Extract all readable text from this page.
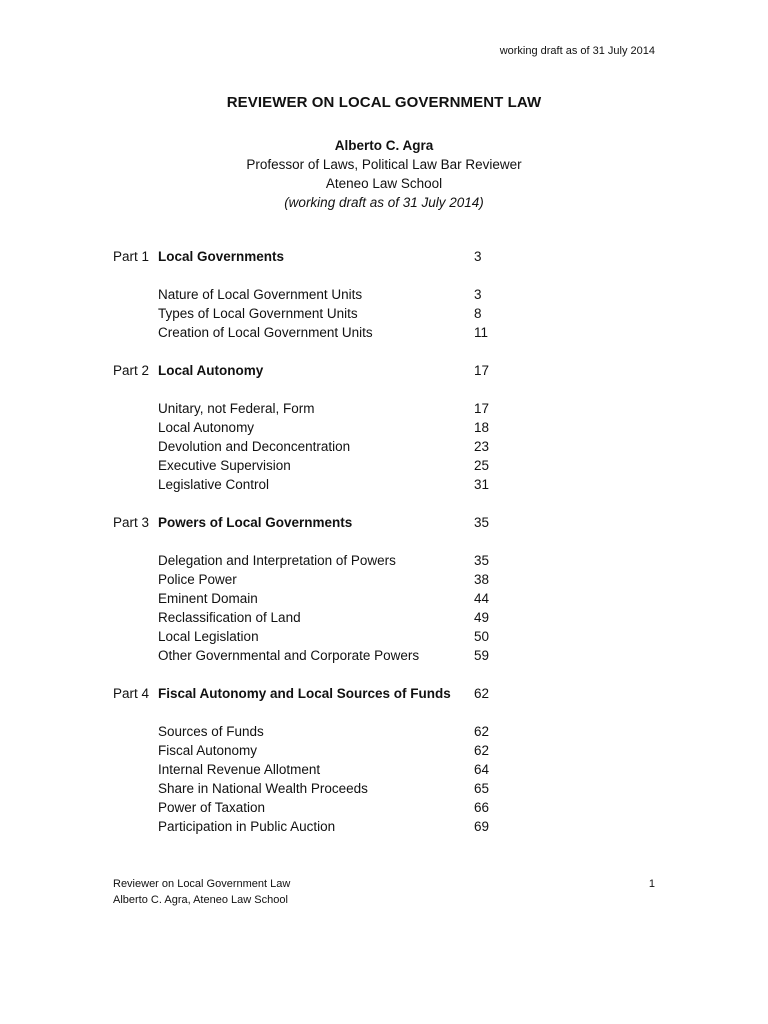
working draft as of 31 July 2014
REVIEWER ON LOCAL GOVERNMENT LAW
Alberto C. Agra
Professor of Laws, Political Law Bar Reviewer
Ateneo Law School
(working draft as of 31 July 2014)
Part 1 Local Governments	3
Nature of Local Government Units	3
Types of Local Government Units	8
Creation of Local Government Units	11
Part 2 Local Autonomy	17
Unitary, not Federal, Form	17
Local Autonomy	18
Devolution and Deconcentration	23
Executive Supervision	25
Legislative Control	31
Part 3 Powers of Local Governments	35
Delegation and Interpretation of Powers	35
Police Power	38
Eminent Domain	44
Reclassification of Land	49
Local Legislation	50
Other Governmental and Corporate Powers	59
Part 4 Fiscal Autonomy and Local Sources of Funds 62
Sources of Funds	62
Fiscal Autonomy	62
Internal Revenue Allotment	64
Share in National Wealth Proceeds	65
Power of Taxation	66
Participation in Public Auction	69
Reviewer on Local Government Law
Alberto C. Agra, Ateneo Law School
1
